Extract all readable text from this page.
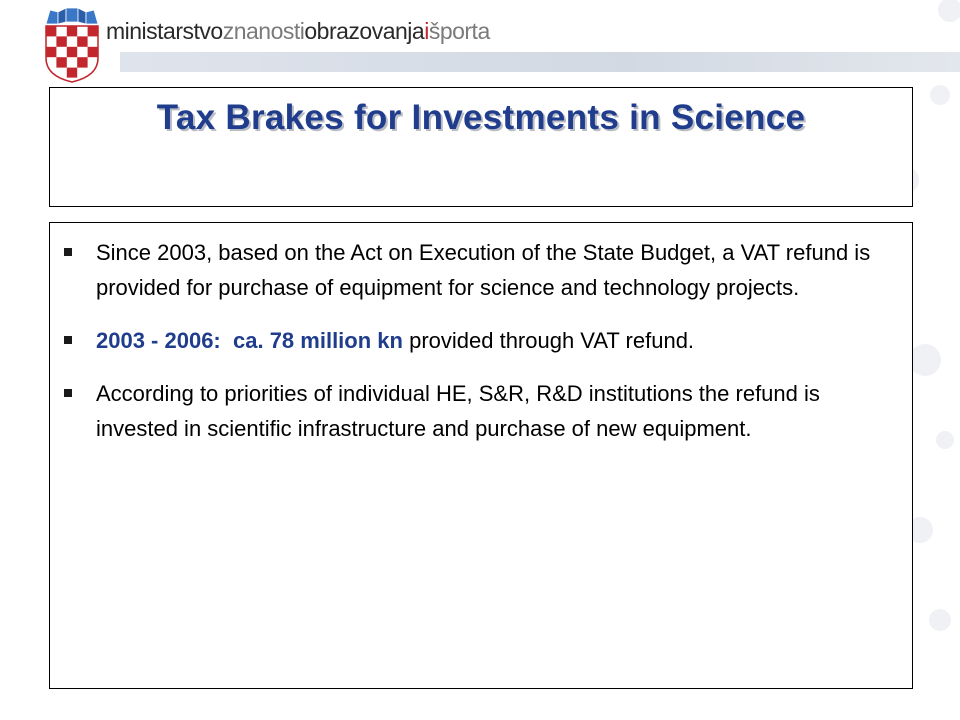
ministarstvoznanostiobrazovanjaišporta
Tax Brakes for Investments in Science
Since 2003, based on the Act on Execution of the State Budget, a VAT refund is provided for purchase of equipment for science and technology projects.
2003 - 2006: ca. 78 million kn provided through VAT refund.
According to priorities of individual HE, S&R, R&D institutions the refund is invested in scientific infrastructure and purchase of new equipment.
